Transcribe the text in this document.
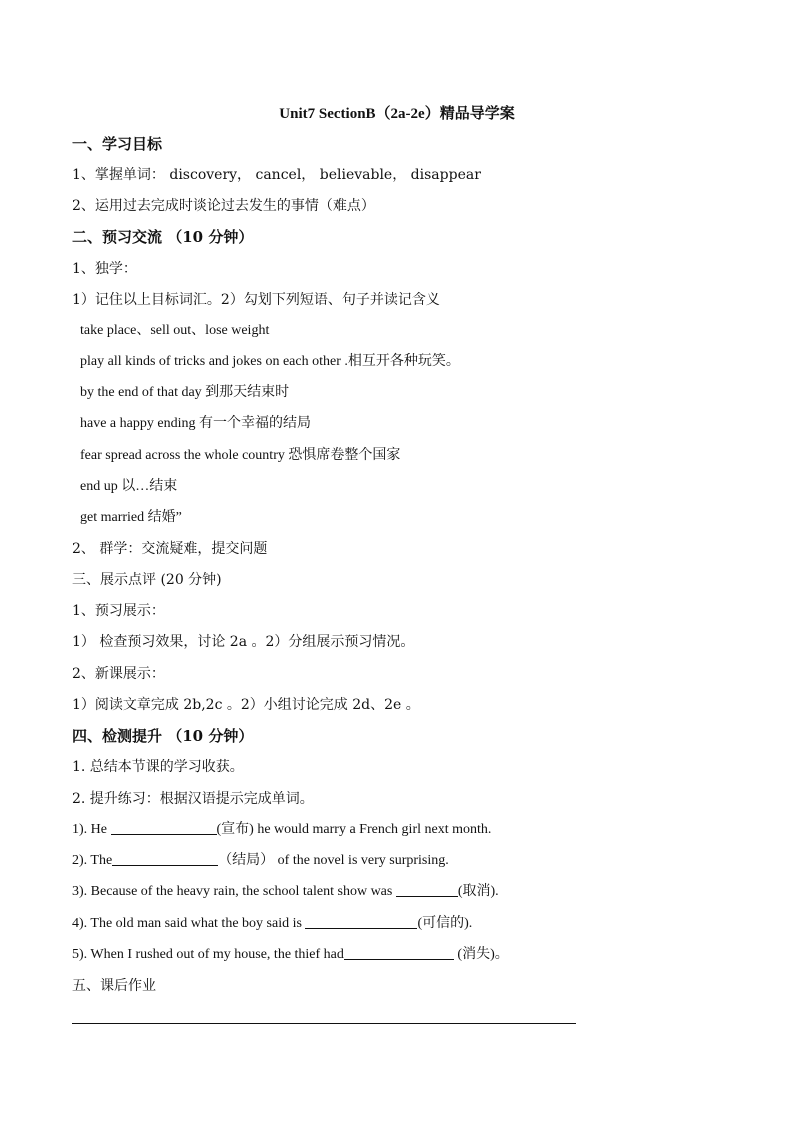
Unit7 SectionB（2a-2e）精品导学案
一、学习目标
1、掌握单词： discovery， cancel， believable， disappear
2、运用过去完成时谈论过去发生的事情（难点）
二、预习交流 （10 分钟）
1、独学：
1）记住以上目标词汇。2）勾划下列短语、句子并读记含义
take place、sell out、lose weight
play all kinds of tricks and jokes on each other .相互开各种玩笑。
by the end of that day 到那天结束时
have a happy ending 有一个幸福的结局
fear spread across the whole country 恐惧席卷整个国家
end up 以…结束
get married 结婚”
2、 群学：交流疑难，提交问题
三、展示点评 (20 分钟)
1、预习展示：
1） 检查预习效果，讨论 2a 。2）分组展示预习情况。
2、新课展示：
1）阅读文章完成 2b,2c 。2）小组讨论完成 2d、2e 。
四、检测提升 （10 分钟）
1. 总结本节课的学习收获。
2. 提升练习：根据汉语提示完成单词。
1). He	(宣布) he would marry a French girl next month.
2). The	（结局） of the novel is very surprising.
3). Because of the heavy rain, the school talent show was	(取消).
4). The old man said what the boy said is	(可信的).
5). When I rushed out of my house, the thief had	(消失)。
五、课后作业
